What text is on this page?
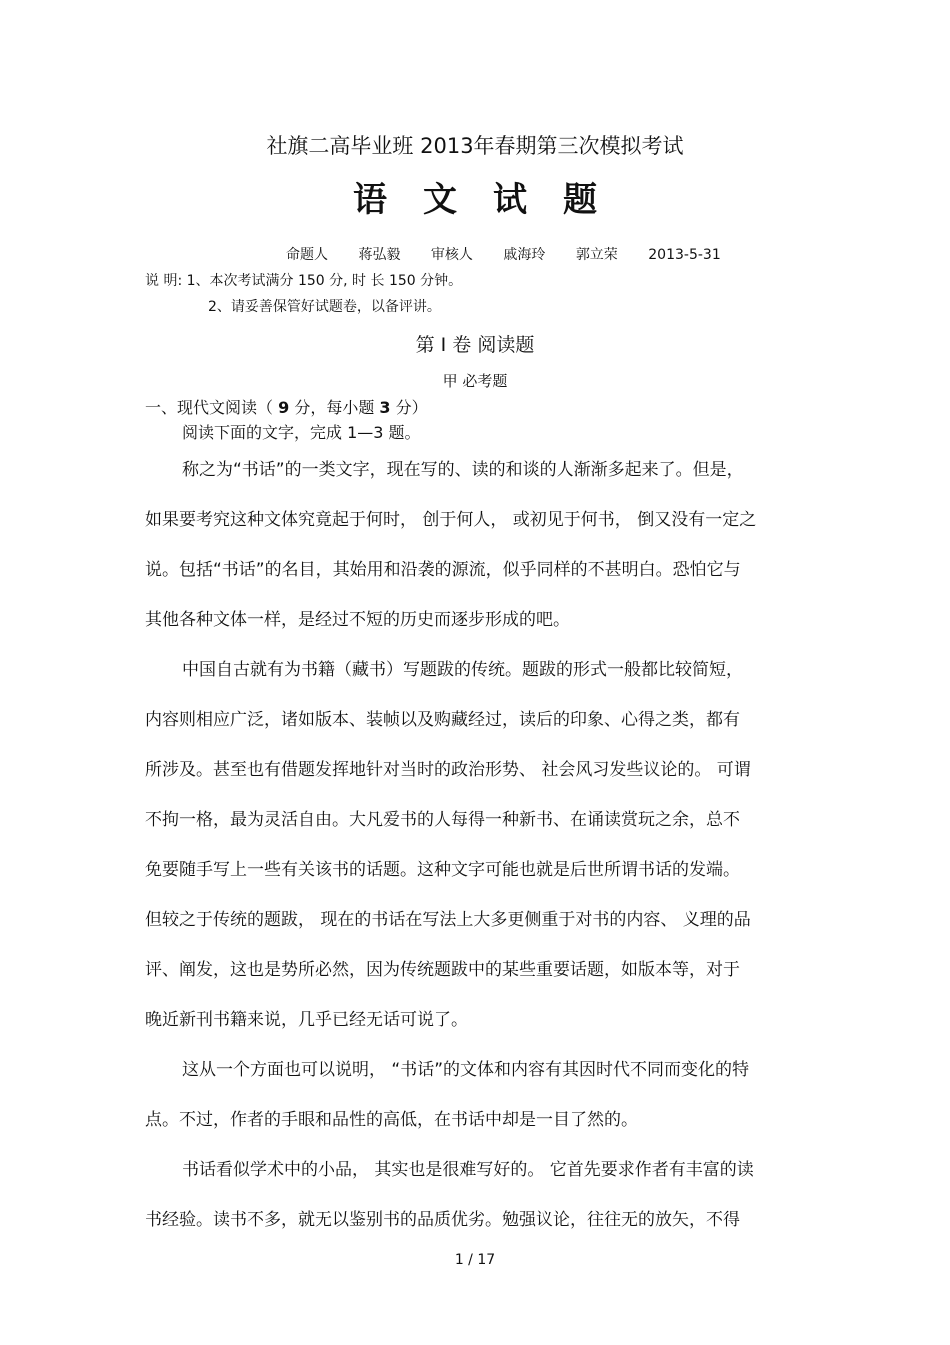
社旗二高毕业班 2013年春期第三次模拟考试
语文试题
命题人 蒋弘毅 审核人 戚海玲 郭立荣 2013-5-31
说 明: 1、本次考试满分 150 分, 时 长 150 分钟。
2、请妥善保管好试题卷，以备评讲。
第 I 卷 阅读题
甲 必考题
一、现代文阅读（ 9 分，每小题 3 分）
阅读下面的文字，完成 1—3 题。
称之为“书话”的一类文字，现在写的、读的和谈的人渐渐多起来了。但是，
如果要考究这种文体究竟起于何时， 创于何人， 或初见于何书， 倒又没有一定之
说。包括“书话”的名目，其始用和沿袭的源流，似乎同样的不甚明白。恐怕它与
其他各种文体一样，是经过不短的历史而逐步形成的吧。
中国自古就有为书籍（藏书）写题跋的传统。题跋的形式一般都比较简短，
内容则相应广泛，诸如版本、装帧以及购藏经过，读后的印象、心得之类，都有
所涉及。甚至也有借题发挥地针对当时的政治形势、 社会风习发些议论的。 可谓
不拘一格，最为灵活自由。大凡爱书的人每得一种新书、在诵读赏玩之余，总不
免要随手写上一些有关该书的话题。这种文字可能也就是后世所谓书话的发端。
但较之于传统的题跋， 现在的书话在写法上大多更侧重于对书的内容、 义理的品
评、阐发，这也是势所必然，因为传统题跋中的某些重要话题，如版本等，对于
晚近新刊书籍来说，几乎已经无话可说了。
这从一个方面也可以说明， “书话”的文体和内容有其因时代不同而变化的特
点。不过，作者的手眼和品性的高低，在书话中却是一目了然的。
书话看似学术中的小品， 其实也是很难写好的。 它首先要求作者有丰富的读
书经验。读书不多，就无以鉴别书的品质优劣。勉强议论，往往无的放矢，不得
1 / 17
